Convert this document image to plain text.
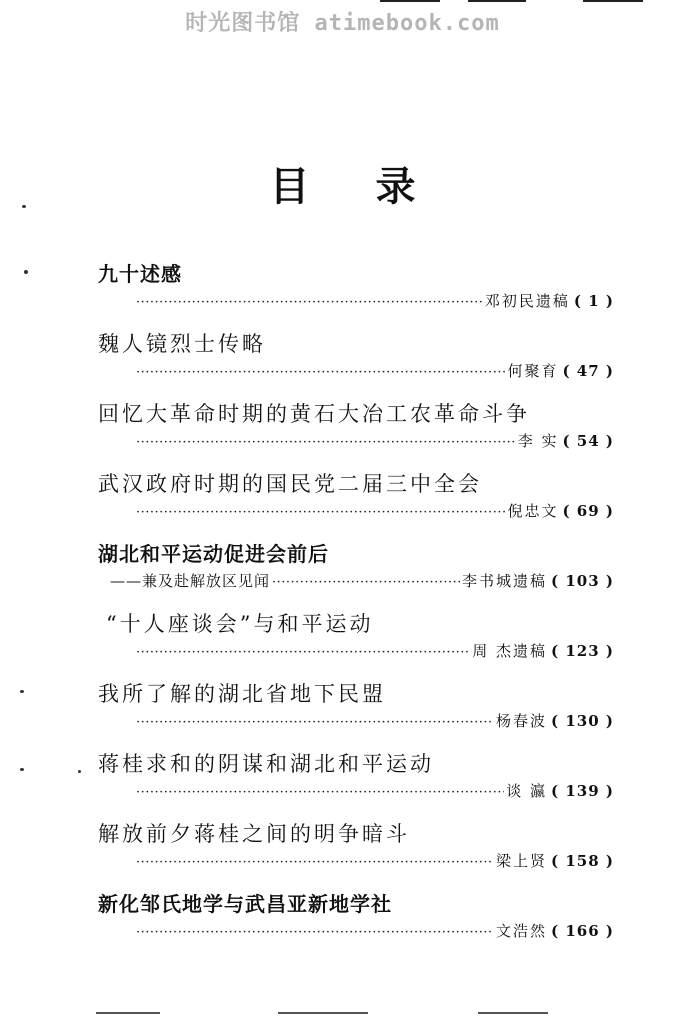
时光图书馆 atimebook.com
目录
九十述感
·····
邓初民遗稿 ( 1 )
魏人镜烈士传略
·····
何聚育 ( 47 )
回忆大革命时期的黄石大冶工农革命斗争
·····
李 实 ( 54 )
武汉政府时期的国民党二届三中全会
·····
倪忠文 ( 69 )
湖北和平运动促进会前后
——兼及赴解放区见闻
·····	李书城遗稿 ( 103 )
“十人座谈会”与和平运动
·····
周 杰遗稿 ( 123 )
我所了解的湖北省地下民盟
·····
杨春波 ( 130 )
蒋桂求和的阴谋和湖北和平运动
·····
谈 瀛 ( 139 )
解放前夕蒋桂之间的明争暗斗
·····
梁上贤 ( 158 )
新化邹氏地学与武昌亚新地学社
·····
文浩然 ( 166 )
